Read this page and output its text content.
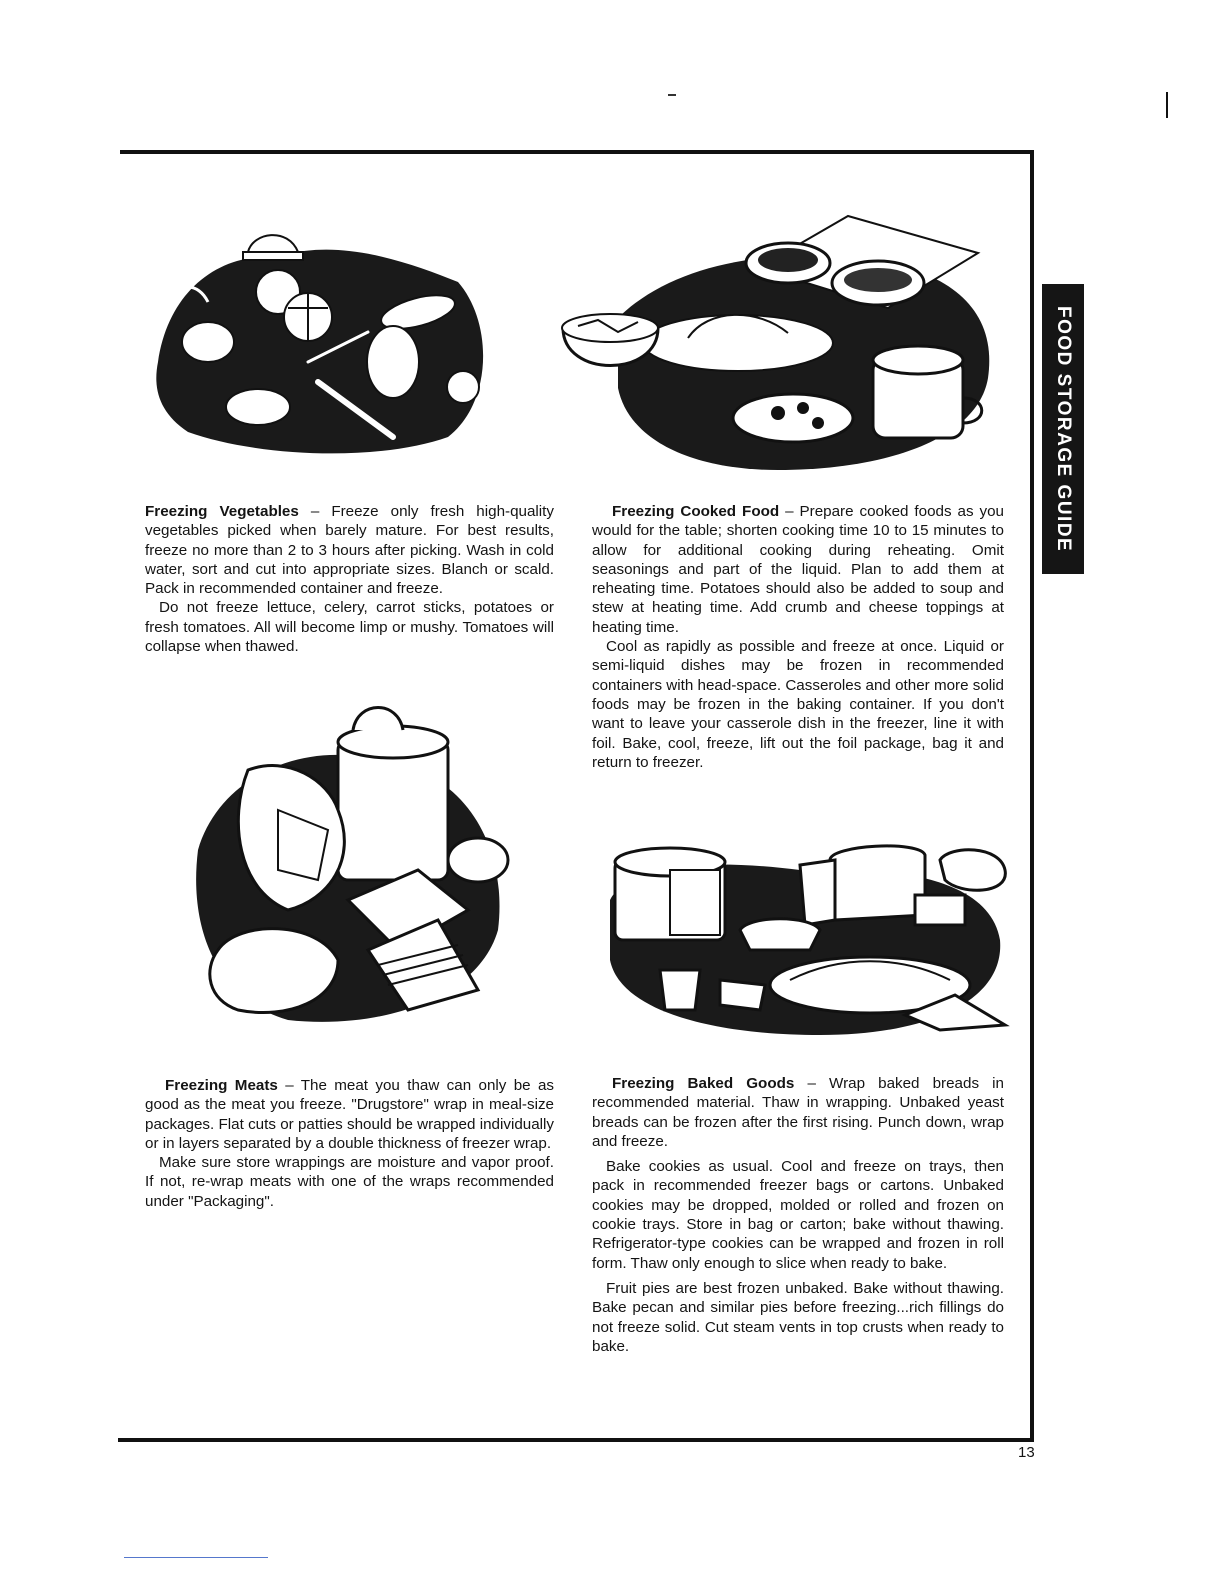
FOOD STORAGE GUIDE

Freezing Vegetables – Freeze only fresh high-quality vegetables picked when barely mature. For best results, freeze no more than 2 to 3 hours after picking. Wash in cold water, sort and cut into appropriate sizes. Blanch or scald. Pack in recommended container and freeze.

Do not freeze lettuce, celery, carrot sticks, potatoes or fresh tomatoes. All will become limp or mushy. Tomatoes will collapse when thawed.

Freezing Cooked Food – Prepare cooked foods as you would for the table; shorten cooking time 10 to 15 minutes to allow for additional cooking during reheating. Omit seasonings and part of the liquid. Plan to add them at reheating time. Potatoes should also be added to soup and stew at heating time. Add crumb and cheese toppings at heating time.

Cool as rapidly as possible and freeze at once. Liquid or semi-liquid dishes may be frozen in recommended containers with head-space. Casseroles and other more solid foods may be frozen in the baking container. If you don't want to leave your casserole dish in the freezer, line it with foil. Bake, cool, freeze, lift out the foil package, bag it and return to freezer.

Freezing Meats – The meat you thaw can only be as good as the meat you freeze. "Drugstore" wrap in meal-size packages. Flat cuts or patties should be wrapped individually or in layers separated by a double thickness of freezer wrap.

Make sure store wrappings are moisture and vapor proof. If not, re-wrap meats with one of the wraps recommended under "Packaging".

Freezing Baked Goods – Wrap baked breads in recommended material. Thaw in wrapping. Unbaked yeast breads can be frozen after the first rising. Punch down, wrap and freeze.

Bake cookies as usual. Cool and freeze on trays, then pack in recommended freezer bags or cartons. Unbaked cookies may be dropped, molded or rolled and frozen on cookie trays. Store in bag or carton; bake without thawing. Refrigerator-type cookies can be wrapped and frozen in roll form. Thaw only enough to slice when ready to bake.

Fruit pies are best frozen unbaked. Bake without thawing. Bake pecan and similar pies before freezing...rich fillings do not freeze solid. Cut steam vents in top crusts when ready to bake.

13
